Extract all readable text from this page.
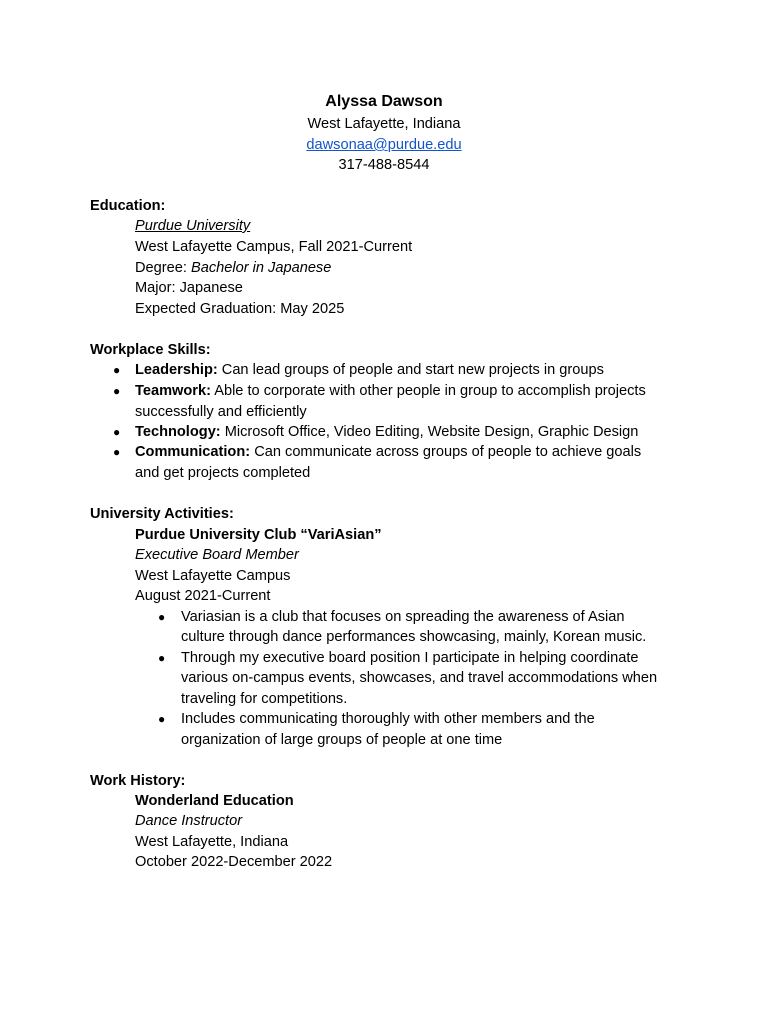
Alyssa Dawson
West Lafayette, Indiana
dawsonaa@purdue.edu
317-488-8544
Education:
Purdue University
West Lafayette Campus, Fall 2021-Current
Degree: Bachelor in Japanese
Major: Japanese
Expected Graduation: May 2025
Workplace Skills:
● Leadership: Can lead groups of people and start new projects in groups
● Teamwork: Able to corporate with other people in group to accomplish projects
successfully and efficiently
● Technology: Microsoft Office, Video Editing, Website Design, Graphic Design
● Communication: Can communicate across groups of people to achieve goals
and get projects completed
University Activities:
Purdue University Club “VariAsian”
Executive Board Member
West Lafayette Campus
August 2021-Current
● Variasian is a club that focuses on spreading the awareness of Asian
culture through dance performances showcasing, mainly, Korean music.
● Through my executive board position I participate in helping coordinate
various on-campus events, showcases, and travel accommodations when
traveling for competitions.
● Includes communicating thoroughly with other members and the
organization of large groups of people at one time
Work History:
Wonderland Education
Dance Instructor
West Lafayette, Indiana
October 2022-December 2022
